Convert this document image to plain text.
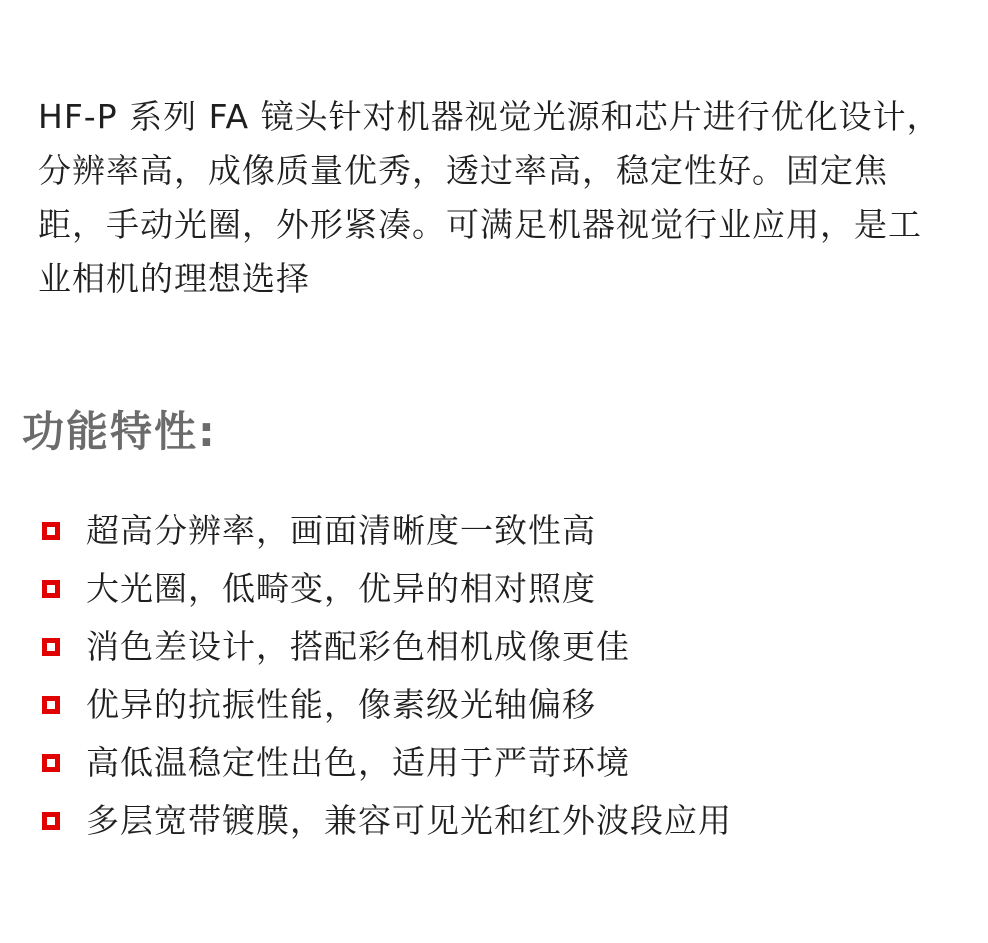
HF-P 系列 FA 镜头针对机器视觉光源和芯片进行优化设计，分辨率高，成像质量优秀，透过率高，稳定性好。固定焦距，手动光圈，外形紧凑。可满足机器视觉行业应用，是工业相机的理想选择

功能特性:
超高分辨率，画面清晰度一致性高
大光圈，低畸变，优异的相对照度
消色差设计，搭配彩色相机成像更佳
优异的抗振性能，像素级光轴偏移
高低温稳定性出色，适用于严苛环境
多层宽带镀膜，兼容可见光和红外波段应用
